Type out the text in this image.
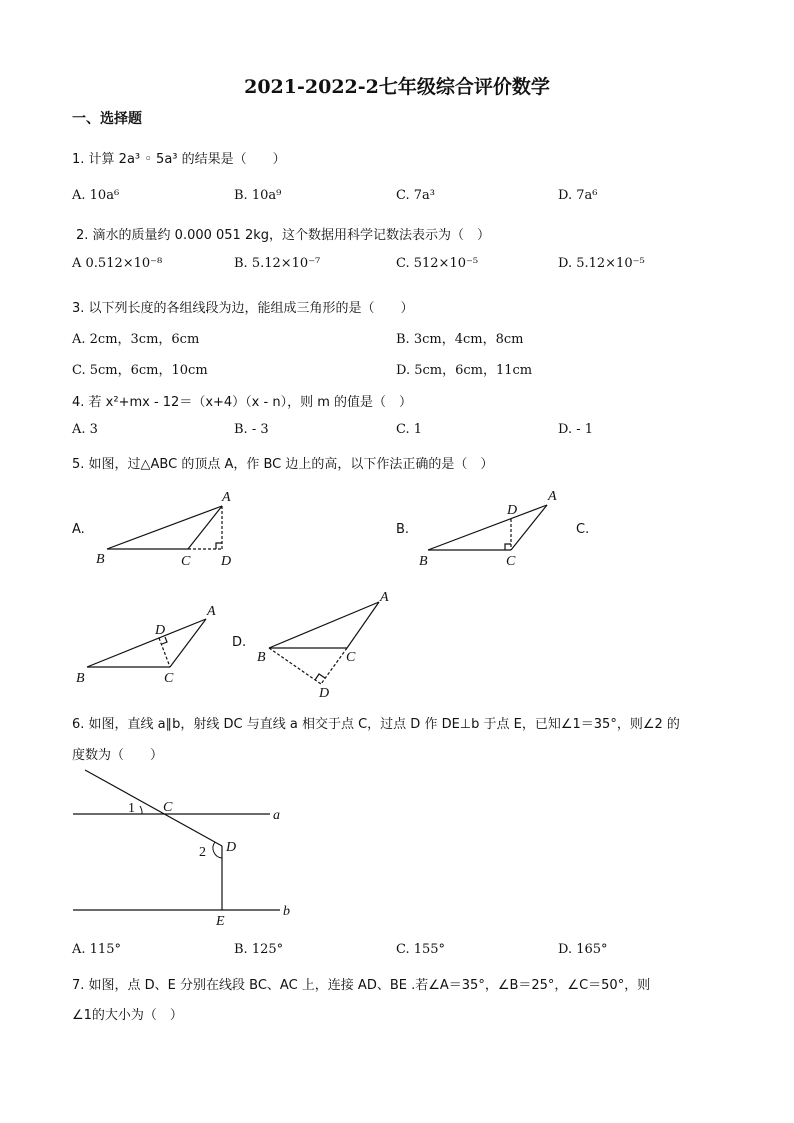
2021-2022-2七年级综合评价数学
一、选择题
1. 计算 2a³ ◦ 5a³ 的结果是（　　）
A. 10a⁶	B. 10a⁹	C. 7a³	D. 7a⁶
2. 滴水的质量约 0.000 051 2kg，这个数据用科学记数法表示为（　）
A 0.512×10⁻⁸	B. 5.12×10⁻⁷	C. 512×10⁻⁵	D. 5.12×10⁻⁵
3. 以下列长度的各组线段为边，能组成三角形的是（　　）
A. 2cm，3cm，6cm	B. 3cm，4cm，8cm
C. 5cm，6cm，10cm	D. 5cm，6cm，11cm
4. 若 x²+mx - 12＝（x+4）（x - n），则 m 的值是（　）
A. 3	B. - 3	C. 1	D. - 1
5. 如图，过△ABC 的顶点 A，作 BC 边上的高，以下作法正确的是（　）
A.	B.	C.
D.
A
B	C D
A
D
B	C
A
D
B	C
A
B	C
D
6. 如图，直线 a∥b，射线 DC 与直线 a 相交于点 C，过点 D 作 DE⊥b 于点 E，已知∠1＝35°，则∠2 的
度数为（　　）
1 C
a
2 D
E
b
A. 115°	B. 125°	C. 155°	D. 165°
7. 如图，点 D、E 分别在线段 BC、AC 上，连接 AD、BE .若∠A＝35°，∠B＝25°，∠C＝50°，则
∠1的大小为（　）
